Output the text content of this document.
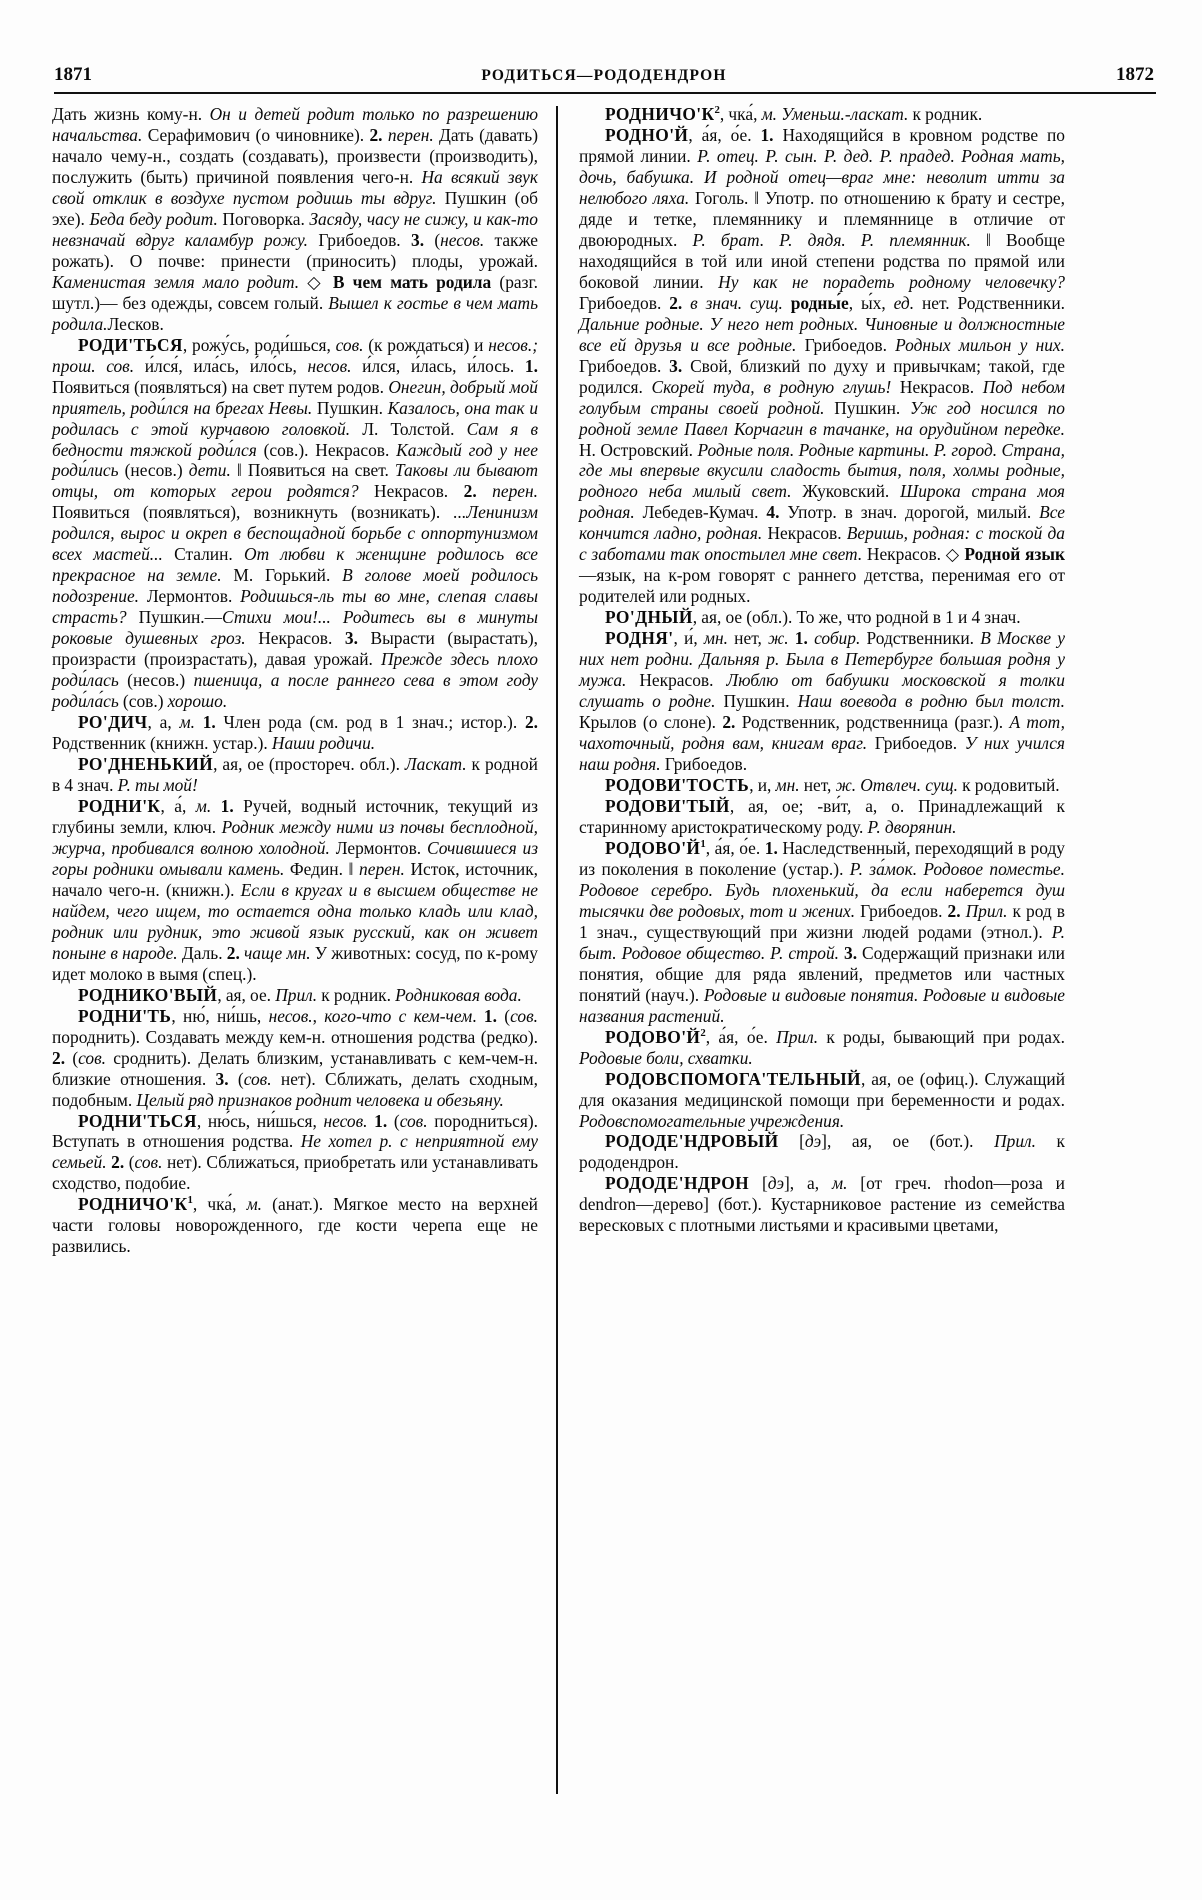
1871	РОДИТЬСЯ—РОДОДЕНДРОН	1872

Дать жизнь кому-н. Он и детей родит только по разрешению начальства. Серафимович (о чиновнике). 2. перен. Дать (давать) начало чему-н., создать (создавать), произвести (производить), послужить (быть) причиной появления чего-н. На всякий звук свой отклик в воздухе пустом родишь ты вдруг. Пушкин (об эхе). Беда беду родит. Поговорка. Засяду, часу не сижу, и как-то невзначай вдруг каламбур рожу. Грибоедов. 3. (несов. также рожать). О почве: принести (приносить) плоды, урожай. Каменистая земля мало родит. ◇ В чем мать родила (разг. шутл.)— без одежды, совсем голый. Вышел к гостье в чем мать родила.Лесков.

РОДИ'ТЬСЯ, рожу́сь, роди́шься, сов. (к рождаться) и несов.; прош. сов. и́лся́, ила́сь, и́ло́сь, несов. и́лся, и́лась, и́лось. 1. Появиться (появляться) на свет путем родов. Онегин, добрый мой приятель, роди́лся на брегах Невы. Пушкин. Казалось, она так и родилась с этой курчавою головкой. Л. Толстой. Сам я в бедности тяжкой роди́лся (сов.). Некрасов. Каждый год у нее роди́лись (несов.) дети. ‖ Появиться на свет. Таковы ли бывают отцы, от которых герои родятся? Некрасов. 2. перен. Появиться (появляться), возникнуть (возникать). ...Ленинизм родился, вырос и окреп в беспощадной борьбе с оппортунизмом всех мастей... Сталин. От любви к женщине родилось все прекрасное на земле. М. Горький. В голове моей родилось подозрение. Лермонтов. Родишься-ль ты во мне, слепая славы страсть? Пушкин.—Стихи мои!... Родитесь вы в минуты роковые душевных гроз. Некрасов. 3. Вырасти (вырастать), произрасти (произрастать), давая урожай. Прежде здесь плохо роди́лась (несов.) пшеница, а после раннего сева в этом году роди́ла́сь (сов.) хорошо.

РО'ДИЧ, а, м. 1. Член рода (см. род в 1 знач.; истор.). 2. Родственник (книжн. устар.). Наши родичи.

РО'ДНЕНЬКИЙ, ая, ое (простореч. обл.). Ласкат. к родной в 4 знач. Р. ты мой!

РОДНИ'К, а́, м. 1. Ручей, водный источник, текущий из глубины земли, ключ. Родник между ними из почвы бесплодной, журча, пробивался волною холодной. Лермонтов. Сочившиеся из горы родники омывали камень. Федин. ‖ перен. Исток, источник, начало чего-н. (книжн.). Если в кругах и в высшем обществе не найдем, чего ищем, то остается одна только кладь или клад, родник или рудник, это живой язык русский, как он живет поныне в народе. Даль. 2. чаще мн. У животных: сосуд, по к-рому идет молоко в вымя (спец.).

РОДНИКО'ВЫЙ, ая, ое. Прил. к родник. Родниковая вода.

РОДНИ'ТЬ, ню́, ни́шь, несов., кого-что с кем-чем. 1. (сов. породнить). Создавать между кем-н. отношения родства (редко). 2. (сов. сроднить). Делать близким, устанавливать с кем-чем-н. близкие отношения. 3. (сов. нет). Сближать, делать сходным, подобным. Целый ряд признаков роднит человека и обезьяну.

РОДНИ'ТЬСЯ, ню́сь, ни́шься, несов. 1. (сов. породниться). Вступать в отношения родства. Не хотел р. с неприятной ему семьей. 2. (сов. нет). Сближаться, приобретать или устанавливать сходство, подобие.

$РОДНИЧО'К^1$, чка́, м. (анат.). Мягкое место на верхней части головы новорожденного, где кости черепа еще не развились.

$РОДНИЧО'К^2$, чка́, м. Уменьш.-ласкат. к родник.

РОДНО'Й, а́я, о́е. 1. Находящийся в кровном родстве по прямой линии. Р. отец. Р. сын. Р. дед. Р. прадед. Родная мать, дочь, бабушка. И родной отец—враг мне: неволит итти за нелюбого ляха. Гоголь. ‖ Употр. по отношению к брату и сестре, дяде и тетке, племяннику и племяннице в отличие от двоюродных. Р. брат. Р. дядя. Р. племянник. ‖ Вообще находящийся в той или иной степени родства по прямой или боковой линии. Ну как не порадеть родному человечку? Грибоедов. 2. в знач. сущ. родны́е, ы́х, ед. нет. Родственники. Дальние родные. У него нет родных. Чиновные и должностные все ей друзья и все родные. Грибоедов. Родных мильон у них. Грибоедов. 3. Свой, близкий по духу и привычкам; такой, где родился. Скорей туда, в родную глушь! Некрасов. Под небом голубым страны своей родной. Пушкин. Уж год носился по родной земле Павел Корчагин в тачанке, на орудийном передке. Н. Островский. Родные поля. Родные картины. Р. город. Страна, где мы впервые вкусили сладость бытия, поля, холмы родные, родного неба милый свет. Жуковский. Широка страна моя родная. Лебедев-Кумач. 4. Употр. в знач. дорогой, милый. Все кончится ладно, родная. Некрасов. Веришь, родная: с тоской да с заботами так опостылел мне свет. Некрасов. ◇ Родной язык—язык, на к-ром говорят с раннего детства, перенимая его от родителей или родных.

РО'ДНЫЙ, ая, ое (обл.). То же, что родной в 1 и 4 знач.

РОДНЯ', и́, мн. нет, ж. 1. собир. Родственники. В Москве у них нет родни. Дальняя р. Была в Петербурге большая родня у мужа. Некрасов. Люблю от бабушки московской я толки слушать о родне. Пушкин. Наш воевода в родню был толст. Крылов (о слоне). 2. Родственник, родственница (разг.). А тот, чахоточный, родня вам, книгам враг. Грибоедов. У них учился наш родня. Грибоедов.

РОДОВИ'ТОСТЬ, и, мн. нет, ж. Отвлеч. сущ. к родовитый.

РОДОВИ'ТЫЙ, ая, ое; -ви́т, а, о. Принадлежащий к старинному аристократическому роду. Р. дворянин.

$РОДОВО'Й^1$, а́я, о́е. 1. Наследственный, переходящий в роду из поколения в поколение (устар.). Р. за́мок. Родовое поместье. Родовое серебро. Будь плохенький, да если наберется душ тысячки две родовых, тот и жених. Грибоедов. 2. Прил. к род в 1 знач., существующий при жизни людей родами (этнол.). Р. быт. Родовое общество. Р. строй. 3. Содержащий признаки или понятия, общие для ряда явлений, предметов или частных понятий (науч.). Родовые и видовые понятия. Родовые и видовые названия растений.

$РОДОВО'Й^2$, а́я, о́е. Прил. к роды, бывающий при родах. Родовые боли, схватки.

РОДОВСПОМОГА'ТЕЛЬНЫЙ, ая, ое (офиц.). Служащий для оказания медицинской помощи при беременности и родах. Родовспомогательные учреждения.

РОДОДЕ'НДРОВЫЙ [дэ], ая, ое (бот.). Прил. к рододендрон.

РОДОДЕ'НДРОН [дэ], а, м. [от греч. rhodon—роза и dendron—дерево] (бот.). Кустарниковое растение из семейства вересковых с плотными листьями и красивыми цветами,
